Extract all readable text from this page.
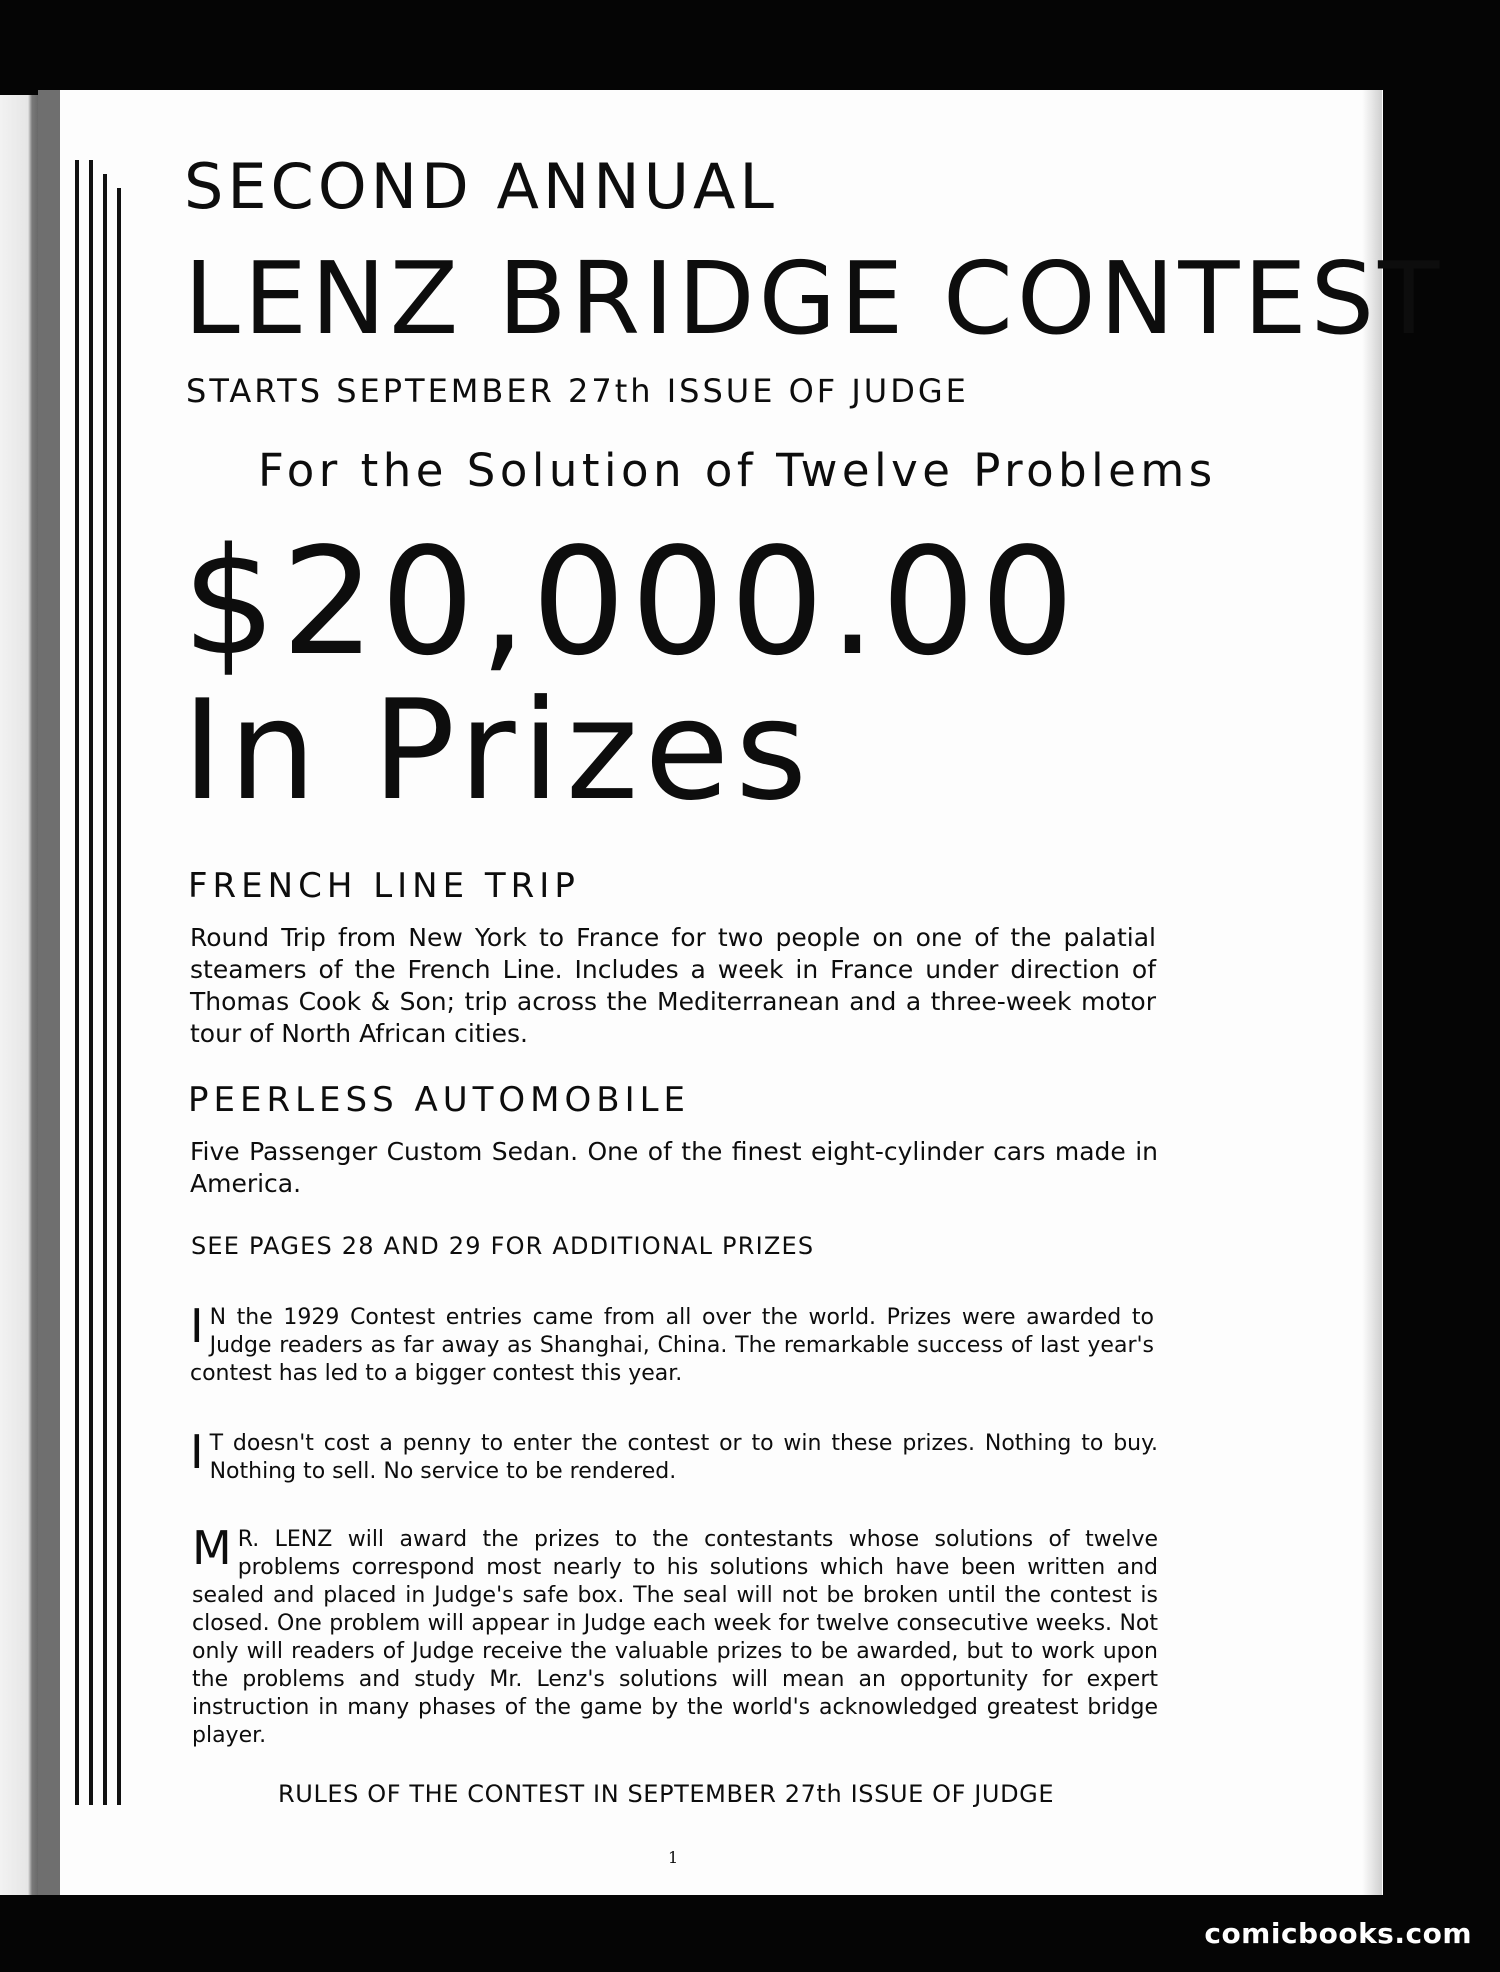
SECOND ANNUAL

LENZ BRIDGE CONTEST

STARTS SEPTEMBER 27th ISSUE OF JUDGE

For the Solution of Twelve Problems

$20,000.00

In Prizes

FRENCH LINE TRIP

Round Trip from New York to France for two people on one of the palatial steamers of the French Line. Includes a week in France under direction of Thomas Cook & Son; trip across the Mediterranean and a three-week motor tour of North African cities.

PEERLESS AUTOMOBILE

Five Passenger Custom Sedan. One of the finest eight-cylinder cars made in America.

SEE PAGES 28 AND 29 FOR ADDITIONAL PRIZES

I N the 1929 Contest entries came from all over the world. Prizes were awarded to Judge readers as far away as Shanghai, China. The remarkable success of last year's contest has led to a bigger contest this year.
I T doesn't cost a penny to enter the contest or to win these prizes. Nothing to buy. Nothing to sell. No service to be rendered.
M R. LENZ will award the prizes to the contestants whose solutions of twelve problems correspond most nearly to his solutions which have been written and sealed and placed in Judge's safe box. The seal will not be broken until the contest is closed. One problem will appear in Judge each week for twelve consecutive weeks. Not only will readers of Judge receive the valuable prizes to be awarded, but to work upon the problems and study Mr. Lenz's solutions will mean an opportunity for expert instruction in many phases of the game by the world's acknowledged greatest bridge player.

RULES OF THE CONTEST IN SEPTEMBER 27th ISSUE OF JUDGE

1

comicbooks.com
